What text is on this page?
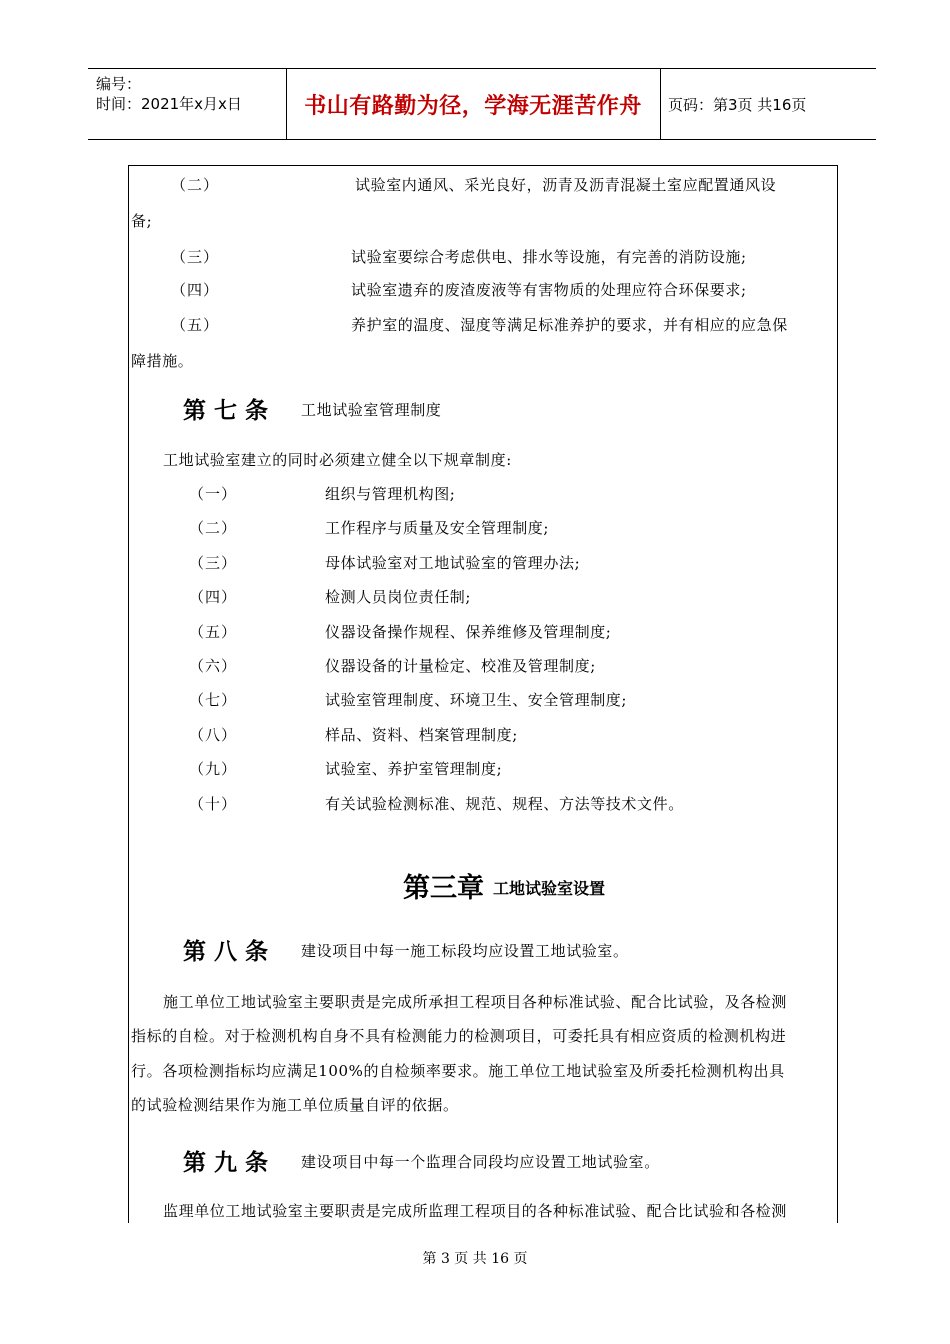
编号：
时间：2021年x月x日	书山有路勤为径，学海无涯苦作舟	页码：第3页 共16页
（二）	试验室内通风、采光良好，沥青及沥青混凝土室应配置通风设
备;
（三）	试验室要综合考虑供电、排水等设施，有完善的消防设施;
（四）	试验室遗弃的废渣废液等有害物质的处理应符合环保要求;
（五）	养护室的温度、湿度等满足标准养护的要求，并有相应的应急保
障措施。
第七条 工地试验室管理制度
工地试验室建立的同时必须建立健全以下规章制度:
（一）	组织与管理机构图;
（二）	工作程序与质量及安全管理制度;
（三）	母体试验室对工地试验室的管理办法;
（四）	检测人员岗位责任制;
（五）	仪器设备操作规程、保养维修及管理制度;
（六）	仪器设备的计量检定、校准及管理制度;
（七）	试验室管理制度、环境卫生、安全管理制度;
（八）	样品、资料、档案管理制度;
（九）	试验室、养护室管理制度;
（十）	有关试验检测标准、规范、规程、方法等技术文件。
第三章 工地试验室设置
第八条 建设项目中每一施工标段均应设置工地试验室。
施工单位工地试验室主要职责是完成所承担工程项目各种标准试验、配合比试验，及各检测
指标的自检。对于检测机构自身不具有检测能力的检测项目，可委托具有相应资质的检测机构进
行。各项检测指标均应满足100%的自检频率要求。施工单位工地试验室及所委托检测机构出具
的试验检测结果作为施工单位质量自评的依据。
第九条 建设项目中每一个监理合同段均应设置工地试验室。
监理单位工地试验室主要职责是完成所监理工程项目的各种标准试验、配合比试验和各检测
第 3 页 共 16 页
